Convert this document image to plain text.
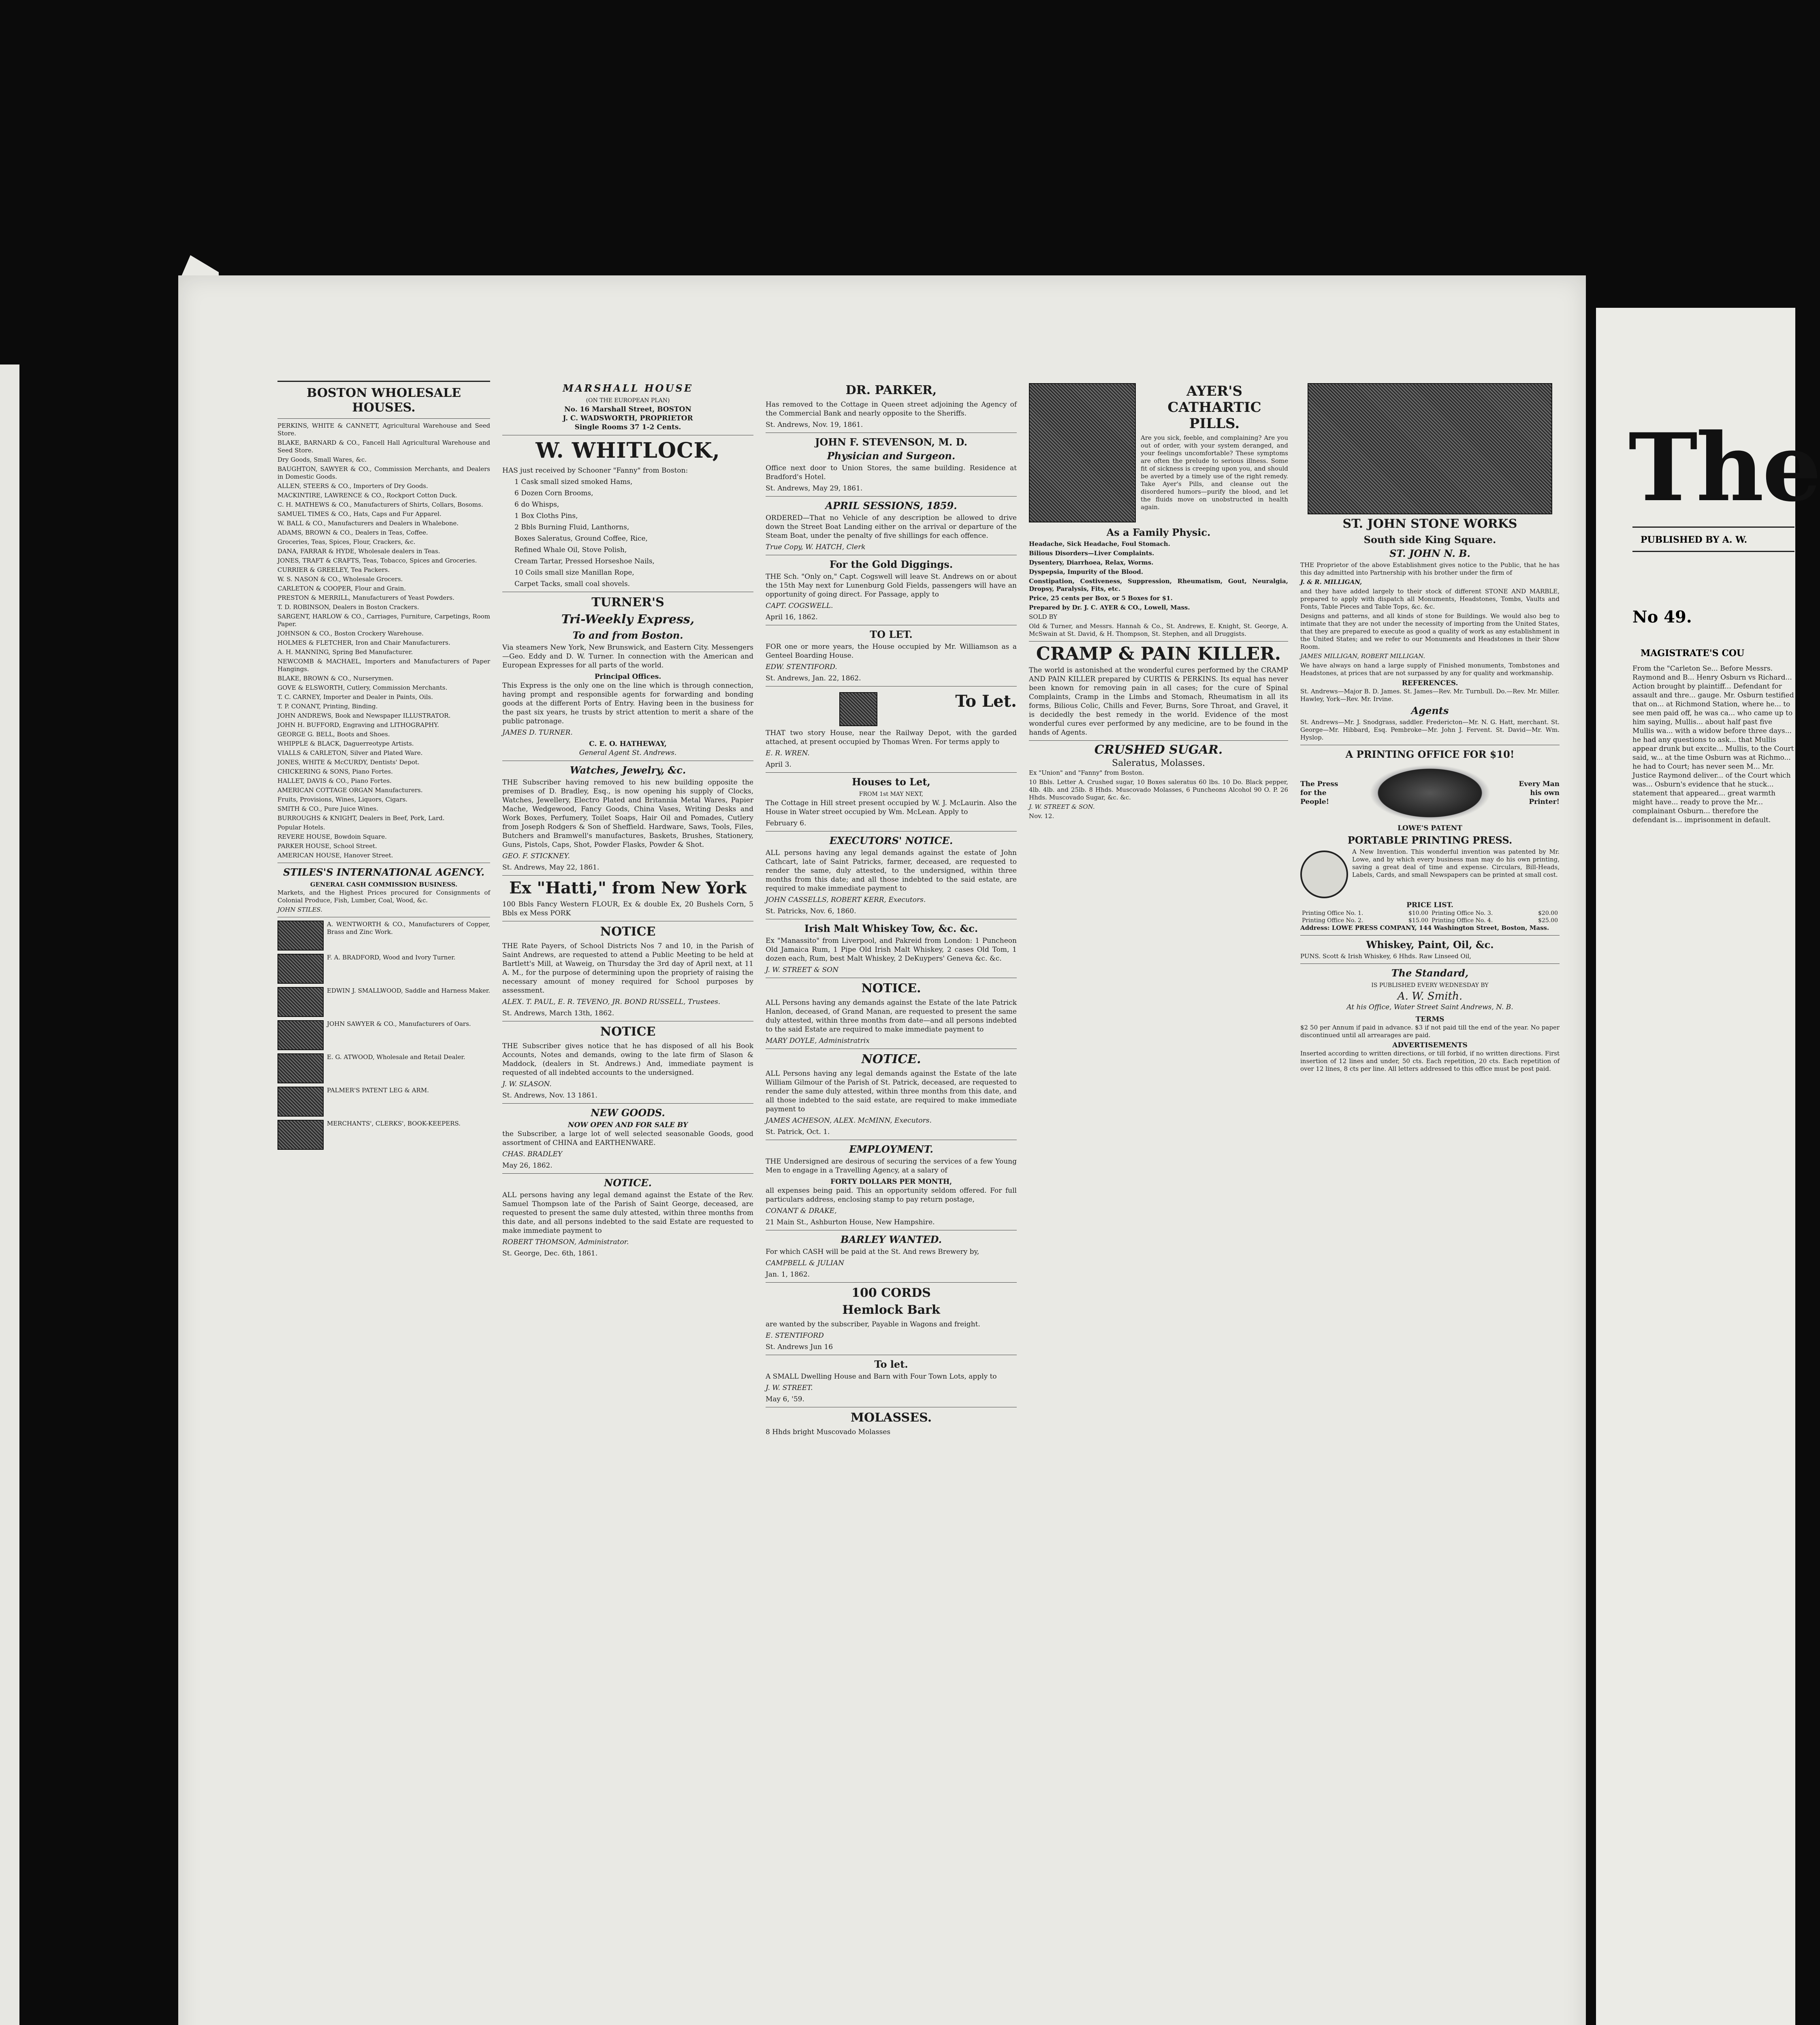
BOSTON WHOLESALE HOUSES.

PERKINS, WHITE & CANNETT, Agricultural Warehouse and Seed Store.

BLAKE, BARNARD & CO., Fancell Hall Agricultural Warehouse and Seed Store.

Dry Goods, Small Wares, &c.

BAUGHTON, SAWYER & CO., Commission Merchants, and Dealers in Domestic Goods.

ALLEN, STEERS & CO., Importers of Dry Goods.

MACKINTIRE, LAWRENCE & CO., Rockport Cotton Duck.

C. H. MATHEWS & CO., Manufacturers of Shirts, Collars, Bosoms.

SAMUEL TIMES & CO., Hats, Caps and Fur Apparel.

W. BALL & CO., Manufacturers and Dealers in Whalebone.

ADAMS, BROWN & CO., Dealers in Teas, Coffee.

Groceries, Teas, Spices, Flour, Crackers, &c.

DANA, FARRAR & HYDE, Wholesale dealers in Teas.

JONES, TRAFT & CRAFTS, Teas, Tobacco, Spices and Groceries.

CURRIER & GREELEY, Tea Packers.

W. S. NASON & CO., Wholesale Grocers.

CARLETON & COOPER, Flour and Grain.

PRESTON & MERRILL, Manufacturers of Yeast Powders.

T. D. ROBINSON, Dealers in Boston Crackers.

SARGENT, HARLOW & CO., Carriages, Furniture, Carpetings, Room Paper.

JOHNSON & CO., Boston Crockery Warehouse.

HOLMES & FLETCHER, Iron and Chair Manufacturers.

A. H. MANNING, Spring Bed Manufacturer.

NEWCOMB & MACHAEL, Importers and Manufacturers of Paper Hangings.

BLAKE, BROWN & CO., Nurserymen.

GOVE & ELSWORTH, Cutlery, Commission Merchants.

T. C. CARNEY, Importer and Dealer in Paints, Oils.

T. P. CONANT, Printing, Binding.

JOHN ANDREWS, Book and Newspaper ILLUSTRATOR.

JOHN H. BUFFORD, Engraving and LITHOGRAPHY.

GEORGE G. BELL, Boots and Shoes.

WHIPPLE & BLACK, Daguerreotype Artists.

VIALLS & CARLETON, Silver and Plated Ware.

JONES, WHITE & McCURDY, Dentists' Depot.

CHICKERING & SONS, Piano Fortes.

HALLET, DAVIS & CO., Piano Fortes.

AMERICAN COTTAGE ORGAN Manufacturers.

Fruits, Provisions, Wines, Liquors, Cigars.

SMITH & CO., Pure Juice Wines.

BURROUGHS & KNIGHT, Dealers in Beef, Pork, Lard.

Popular Hotels.

REVERE HOUSE, Bowdoin Square.

PARKER HOUSE, School Street.

AMERICAN HOUSE, Hanover Street.

STILES'S INTERNATIONAL AGENCY.
GENERAL CASH COMMISSION BUSINESS.

Markets, and the Highest Prices procured for Consignments of Colonial Produce, Fish, Lumber, Coal, Wood, &c.

JOHN STILES.

A. WENTWORTH & CO., Manufacturers of Copper, Brass and Zinc Work.

F. A. BRADFORD, Wood and Ivory Turner.

EDWIN J. SMALLWOOD, Saddle and Harness Maker.

JOHN SAWYER & CO., Manufacturers of Oars.

E. G. ATWOOD, Wholesale and Retail Dealer.

PALMER'S PATENT LEG & ARM.

MERCHANTS', CLERKS', BOOK-KEEPERS.

MARSHALL HOUSE
(ON THE EUROPEAN PLAN)
No. 16 Marshall Street, BOSTON
J. C. WADSWORTH, PROPRIETOR
Single Rooms 37 1-2 Cents.
W. WHITLOCK,

HAS just received by Schooner "Fanny" from Boston:

1 Cask small sized smoked Hams,

6 Dozen Corn Brooms,

6 do Whisps,

1 Box Cloths Pins,

2 Bbls Burning Fluid, Lanthorns,

Boxes Saleratus, Ground Coffee, Rice,

Refined Whale Oil, Stove Polish,

Cream Tartar, Pressed Horseshoe Nails,

10 Coils small size Manillan Rope,

Carpet Tacks, small coal shovels.

TURNER'S
Tri-Weekly Express,
To and from Boston.

Via steamers New York, New Brunswick, and Eastern City. Messengers—Geo. Eddy and D. W. Turner. In connection with the American and European Expresses for all parts of the world.

Principal Offices.

This Express is the only one on the line which is through connection, having prompt and responsible agents for forwarding and bonding goods at the different Ports of Entry. Having been in the business for the past six years, he trusts by strict attention to merit a share of the public patronage.

JAMES D. TURNER.

C. E. O. HATHEWAY,
General Agent St. Andrews.
Watches, Jewelry, &c.

THE Subscriber having removed to his new building opposite the premises of D. Bradley, Esq., is now opening his supply of Clocks, Watches, Jewellery, Electro Plated and Britannia Metal Wares, Papier Mache, Wedgewood, Fancy Goods, China Vases, Writing Desks and Work Boxes, Perfumery, Toilet Soaps, Hair Oil and Pomades, Cutlery from Joseph Rodgers & Son of Sheffield. Hardware, Saws, Tools, Files, Butchers and Bramwell's manufactures, Baskets, Brushes, Stationery, Guns, Pistols, Caps, Shot, Powder Flasks, Powder & Shot.

GEO. F. STICKNEY.

St. Andrews, May 22, 1861.

Ex "Hatti," from New York

100 Bbls Fancy Western FLOUR, Ex & double Ex, 20 Bushels Corn, 5 Bbls ex Mess PORK

NOTICE

THE Rate Payers, of School Districts Nos 7 and 10, in the Parish of Saint Andrews, are requested to attend a Public Meeting to be held at Bartlett's Mill, at Waweig, on Thursday the 3rd day of April next, at 11 A. M., for the purpose of determining upon the propriety of raising the necessary amount of money required for School purposes by assessment.

ALEX. T. PAUL, E. R. TEVENO, JR. BOND RUSSELL, Trustees.

St. Andrews, March 13th, 1862.

NOTICE

THE Subscriber gives notice that he has disposed of all his Book Accounts, Notes and demands, owing to the late firm of Slason & Maddock, (dealers in St. Andrews.) And, immediate payment is requested of all indebted accounts to the undersigned.

J. W. SLASON.

St. Andrews, Nov. 13 1861.

NEW GOODS.
NOW OPEN AND FOR SALE BY

the Subscriber, a large lot of well selected seasonable Goods, good assortment of CHINA and EARTHENWARE.

CHAS. BRADLEY

May 26, 1862.

NOTICE.

ALL persons having any legal demand against the Estate of the Rev. Samuel Thompson late of the Parish of Saint George, deceased, are requested to present the same duly attested, within three months from this date, and all persons indebted to the said Estate are requested to make immediate payment to

ROBERT THOMSON, Administrator.

St. George, Dec. 6th, 1861.

DR. PARKER,

Has removed to the Cottage in Queen street adjoining the Agency of the Commercial Bank and nearly opposite to the Sheriffs.

St. Andrews, Nov. 19, 1861.

JOHN F. STEVENSON, M. D.
Physician and Surgeon.

Office next door to Union Stores, the same building. Residence at Bradford's Hotel.

St. Andrews, May 29, 1861.

APRIL SESSIONS, 1859.

ORDERED—That no Vehicle of any description be allowed to drive down the Street Boat Landing either on the arrival or departure of the Steam Boat, under the penalty of five shillings for each offence.

True Copy, W. HATCH, Clerk

For the Gold Diggings.

THE Sch. "Only on," Capt. Cogswell will leave St. Andrews on or about the 15th May next for Lunenburg Gold Fields, passengers will have an opportunity of going direct. For Passage, apply to

CAPT. COGSWELL.

April 16, 1862.

TO LET.

FOR one or more years, the House occupied by Mr. Williamson as a Genteel Boarding House.

EDW. STENTIFORD.

St. Andrews, Jan. 22, 1862.

To Let.

THAT two story House, near the Railway Depot, with the garded attached, at present occupied by Thomas Wren. For terms apply to

E. R. WREN.

April 3.

Houses to Let,
FROM 1st MAY NEXT,

The Cottage in Hill street present occupied by W. J. McLaurin. Also the House in Water street occupied by Wm. McLean. Apply to

February 6.

EXECUTORS' NOTICE.

ALL persons having any legal demands against the estate of John Cathcart, late of Saint Patricks, farmer, deceased, are requested to render the same, duly attested, to the undersigned, within three months from this date; and all those indebted to the said estate, are required to make immediate payment to

JOHN CASSELLS, ROBERT KERR, Executors.

St. Patricks, Nov. 6, 1860.

Irish Malt Whiskey Tow, &c. &c.

Ex "Manassito" from Liverpool, and Pakreid from London: 1 Puncheon Old Jamaica Rum, 1 Pipe Old Irish Malt Whiskey, 2 cases Old Tom, 1 dozen each, Rum, best Malt Whiskey, 2 DeKuypers' Geneva &c. &c.

J. W. STREET & SON

NOTICE.

ALL Persons having any demands against the Estate of the late Patrick Hanlon, deceased, of Grand Manan, are requested to present the same duly attested, within three months from date—and all persons indebted to the said Estate are required to make immediate payment to

MARY DOYLE, Administratrix

NOTICE.

ALL Persons having any legal demands against the Estate of the late William Gilmour of the Parish of St. Patrick, deceased, are requested to render the same duly attested, within three months from this date, and all those indebted to the said estate, are required to make immediate payment to

JAMES ACHESON, ALEX. McMINN, Executors.

St. Patrick, Oct. 1.

EMPLOYMENT.

THE Undersigned are desirous of securing the services of a few Young Men to engage in a Travelling Agency, at a salary of

FORTY DOLLARS PER MONTH,

all expenses being paid. This an opportunity seldom offered. For full particulars address, enclosing stamp to pay return postage,

CONANT & DRAKE,

21 Main St., Ashburton House, New Hampshire.

BARLEY WANTED.

For which CASH will be paid at the St. And rews Brewery by,

CAMPBELL & JULIAN

Jan. 1, 1862.

100 CORDS
Hemlock Bark

are wanted by the subscriber, Payable in Wagons and freight.

E. STENTIFORD

St. Andrews Jun 16

To let.

A SMALL Dwelling House and Barn with Four Town Lots, apply to

J. W. STREET.

May 6, '59.

MOLASSES.

8 Hhds bright Muscovado Molasses

AYER'S CATHARTIC PILLS.

Are you sick, feeble, and complaining? Are you out of order, with your system deranged, and your feelings uncomfortable? These symptoms are often the prelude to serious illness. Some fit of sickness is creeping upon you, and should be averted by a timely use of the right remedy. Take Ayer's Pills, and cleanse out the disordered humors—purify the blood, and let the fluids move on unobstructed in health again.

As a Family Physic.

Headache, Sick Headache, Foul Stomach.

Bilious Disorders—Liver Complaints.

Dysentery, Diarrhoea, Relax, Worms.

Dyspepsia, Impurity of the Blood.

Constipation, Costiveness, Suppression, Rheumatism, Gout, Neuralgia, Dropsy, Paralysis, Fits, etc.

Price, 25 cents per Box, or 5 Boxes for $1.

Prepared by Dr. J. C. AYER & CO., Lowell, Mass.

SOLD BY

Old & Turner, and Messrs. Hannah & Co., St. Andrews, E. Knight, St. George, A. McSwain at St. David, & H. Thompson, St. Stephen, and all Druggists.

CRAMP & PAIN KILLER.

The world is astonished at the wonderful cures performed by the CRAMP AND PAIN KILLER prepared by CURTIS & PERKINS. Its equal has never been known for removing pain in all cases; for the cure of Spinal Complaints, Cramp in the Limbs and Stomach, Rheumatism in all its forms, Bilious Colic, Chills and Fever, Burns, Sore Throat, and Gravel, it is decidedly the best remedy in the world. Evidence of the most wonderful cures ever performed by any medicine, are to be found in the hands of Agents.

CRUSHED SUGAR.
Saleratus, Molasses.

Ex "Union" and "Fanny" from Boston.

10 Bbls. Letter A. Crushed sugar, 10 Boxes saleratus 60 lbs. 10 Do. Black pepper, 4lb. 4lb. and 25lb. 8 Hhds. Muscovado Molasses, 6 Puncheons Alcohol 90 O. P. 26 Hhds. Muscovado Sugar, &c. &c.

J. W. STREET & SON.

Nov. 12.

ST. JOHN STONE WORKS
South side King Square.
ST. JOHN N. B.

THE Proprietor of the above Establishment gives notice to the Public, that he has this day admitted into Partnership with his brother under the firm of

J. & R. MILLIGAN,

and they have added largely to their stock of different STONE AND MARBLE, prepared to apply with dispatch all Monuments, Headstones, Tombs, Vaults and Fonts, Table Pieces and Table Tops, &c. &c.

Designs and patterns, and all kinds of stone for Buildings. We would also beg to intimate that they are not under the necessity of importing from the United States, that they are prepared to execute as good a quality of work as any establishment in the United States; and we refer to our Monuments and Headstones in their Show Room.

JAMES MILLIGAN, ROBERT MILLIGAN.

We have always on hand a large supply of Finished monuments, Tombstones and Headstones, at prices that are not surpassed by any for quality and workmanship.

REFERENCES.

St. Andrews—Major B. D. James. St. James—Rev. Mr. Turnbull. Do.—Rev. Mr. Miller. Hawley, York—Rev. Mr. Irvine.

Agents

St. Andrews—Mr. J. Snodgrass, saddler. Fredericton—Mr. N. G. Hatt, merchant. St. George—Mr. Hibbard, Esq. Pembroke—Mr. John J. Fervent. St. David—Mr. Wm. Hyslop.

A PRINTING OFFICE FOR $10!
The Press for the People!
Every Man his own Printer!
LOWE'S PATENT
PORTABLE PRINTING PRESS.

A New Invention. This wonderful invention was patented by Mr. Lowe, and by which every business man may do his own printing, saving a great deal of time and expense. Circulars, Bill-Heads, Labels, Cards, and small Newspapers can be printed at small cost.

PRICE LIST.
Printing Office No. 1.	$10.00	Printing Office No. 3.	$20.00
Printing Office No. 2.	$15.00	Printing Office No. 4.	$25.00

Address: LOWE PRESS COMPANY, 144 Washington Street, Boston, Mass.

Whiskey, Paint, Oil, &c.

PUNS. Scott & Irish Whiskey, 6 Hhds. Raw Linseed Oil,

The Standard,
IS PUBLISHED EVERY WEDNESDAY BY
A. W. Smith.
At his Office, Water Street Saint Andrews, N. B.
TERMS

$2 50 per Annum if paid in advance. $3 if not paid till the end of the year. No paper discontinued until all arrearages are paid.

ADVERTISEMENTS

Inserted according to written directions, or till forbid, if no written directions. First insertion of 12 lines and under, 50 cts. Each repetition, 20 cts. Each repetition of over 12 lines, 8 cts per line. All letters addressed to this office must be post paid.

The
PUBLISHED BY A. W.
No 49.
MAGISTRATE'S COU

From the "Carleton Se... Before Messrs. Raymond and B... Henry Osburn vs Richard... Action brought by plaintiff... Defendant for assault and thre... gauge. Mr. Osburn testified that on... at Richmond Station, where he... to see men paid off, he was ca... who came up to him saying, Mullis... about half past five Mullis wa... with a widow before three days... he had any questions to ask... that Mullis appear drunk but excite... Mullis, to the Court said, w... at the time Osburn was at Richmo... he had to Court; has never seen M... Mr. Justice Raymond deliver... of the Court which was... Osburn's evidence that he stuck... statement that appeared... great warmth might have... ready to prove the Mr... complainant Osburn... therefore the defendant is... imprisonment in default.
